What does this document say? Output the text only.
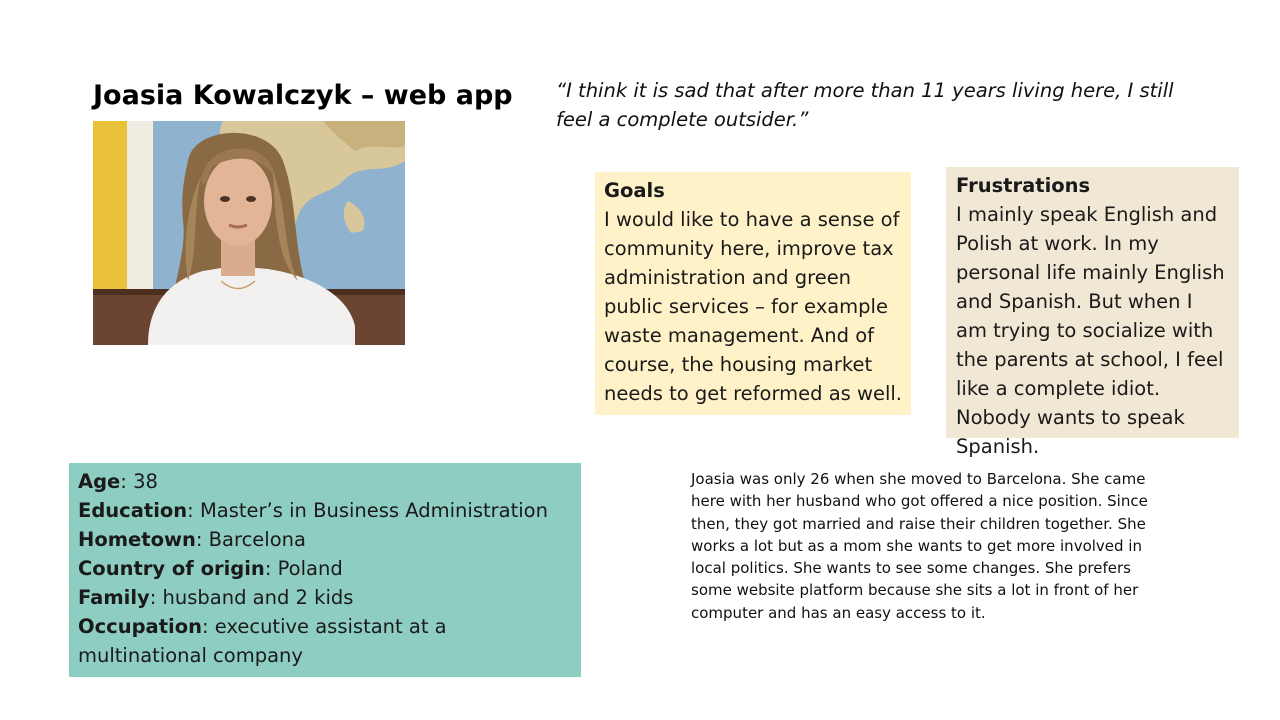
Joasia Kowalczyk – web app “I think it is sad that after more than 11 years living here, I still feel a complete outsider.”
Goals
I would like to have a sense of community here, improve tax administration and green public services – for example waste management. And of course, the housing market needs to get reformed as well.
Frustrations
I mainly speak English and Polish at work. In my personal life mainly English and Spanish. But when I am trying to socialize with the parents at school, I feel like a complete idiot. Nobody wants to speak Spanish.
Age: 38
Education: Master’s in Business Administration
Hometown: Barcelona
Country of origin: Poland
Family: husband and 2 kids
Occupation: executive assistant at a multinational company
Joasia was only 26 when she moved to Barcelona. She came here with her husband who got offered a nice position. Since then, they got married and raise their children together. She works a lot but as a mom she wants to get more involved in local politics. She wants to see some changes. She prefers some website platform because she sits a lot in front of her computer and has an easy access to it.
